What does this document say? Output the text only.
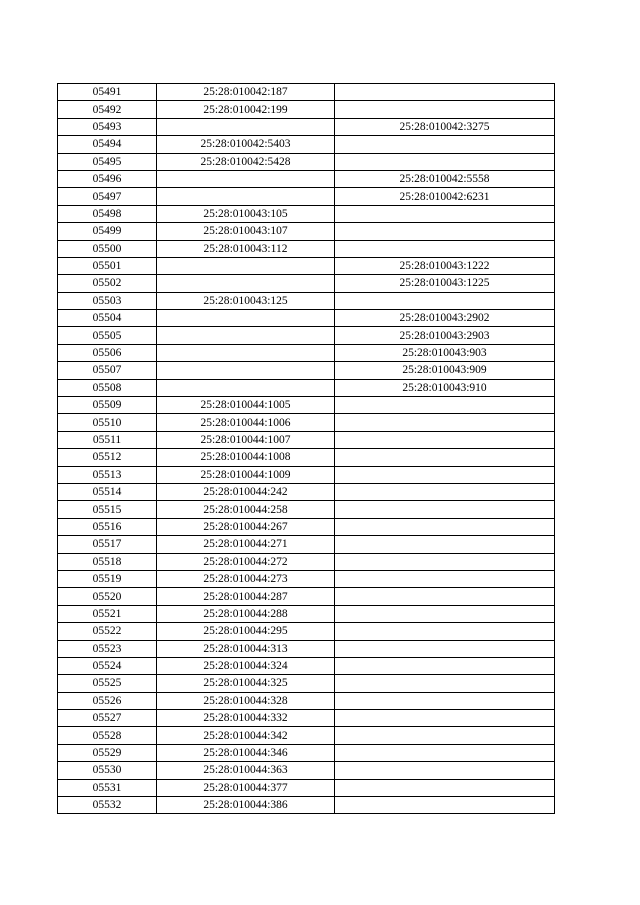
05491	25:28:010042:187	
05492	25:28:010042:199	
05493		25:28:010042:3275
05494	25:28:010042:5403	
05495	25:28:010042:5428	
05496		25:28:010042:5558
05497		25:28:010042:6231
05498	25:28:010043:105	
05499	25:28:010043:107	
05500	25:28:010043:112	
05501		25:28:010043:1222
05502		25:28:010043:1225
05503	25:28:010043:125	
05504		25:28:010043:2902
05505		25:28:010043:2903
05506		25:28:010043:903
05507		25:28:010043:909
05508		25:28:010043:910
05509	25:28:010044:1005	
05510	25:28:010044:1006	
05511	25:28:010044:1007	
05512	25:28:010044:1008	
05513	25:28:010044:1009	
05514	25:28:010044:242	
05515	25:28:010044:258	
05516	25:28:010044:267	
05517	25:28:010044:271	
05518	25:28:010044:272	
05519	25:28:010044:273	
05520	25:28:010044:287	
05521	25:28:010044:288	
05522	25:28:010044:295	
05523	25:28:010044:313	
05524	25:28:010044:324	
05525	25:28:010044:325	
05526	25:28:010044:328	
05527	25:28:010044:332	
05528	25:28:010044:342	
05529	25:28:010044:346	
05530	25:28:010044:363	
05531	25:28:010044:377	
05532	25:28:010044:386	
